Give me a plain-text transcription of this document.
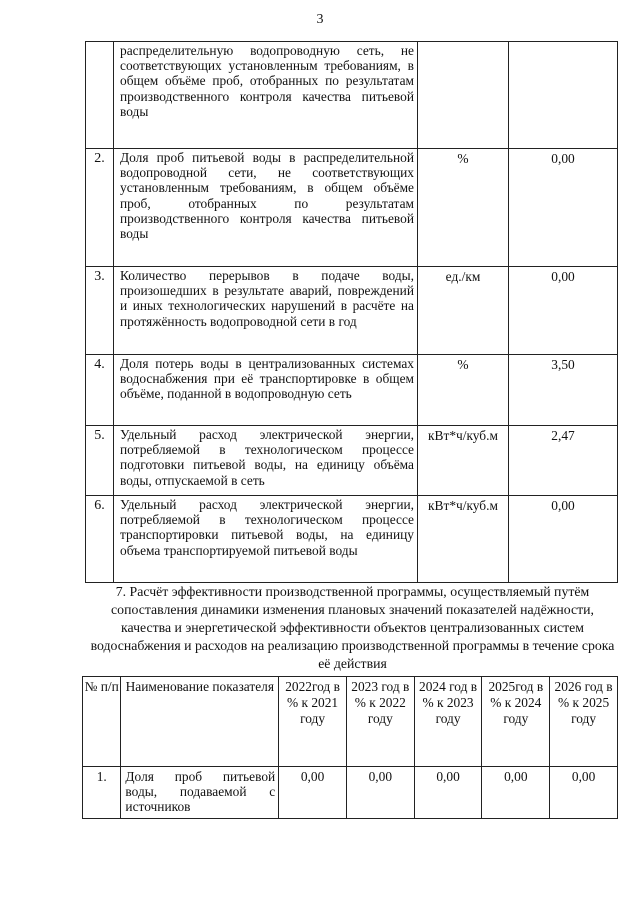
3
	распределительную водопроводную сеть, не соответствующих установленным требованиям, в общем объёме проб, отобранных по результатам производственного контроля качества питьевой воды		
2.	Доля проб питьевой воды в распределительной водопроводной сети, не соответствующих установленным требованиям, в общем объёме проб, отобранных по результатам производственного контроля качества питьевой воды	%	0,00
3.	Количество перерывов в подаче воды, произошедших в результате аварий, повреждений и иных технологических нарушений в расчёте на протяжённость водопроводной сети в год	ед./км	0,00
4.	Доля потерь воды в централизованных системах водоснабжения при её транспортировке в общем объёме, поданной в водопроводную сеть	%	3,50
5.	Удельный расход электрической энергии, потребляемой в технологическом процессе подготовки питьевой воды, на единицу объёма воды, отпускаемой в сеть	кВт*ч/куб.м	2,47
6.	Удельный расход электрической энергии, потребляемой в технологическом процессе транспортировки питьевой воды, на единицу объема транспортируемой питьевой воды	кВт*ч/куб.м	0,00
7. Расчёт эффективности производственной программы, осуществляемый путём сопоставления динамики изменения плановых значений показателей надёжности, качества и энергетической эффективности объектов централизованных систем водоснабжения и расходов на реализацию производственной программы в течение срока её действия
№ п/п	Наименование показателя	2022год в % к 2021 году	2023 год в % к 2022 году	2024 год в % к 2023 году	2025год в % к 2024 году	2026 год в % к 2025 году
1.	Доля проб питьевой воды, подаваемой с источников	0,00	0,00	0,00	0,00	0,00
